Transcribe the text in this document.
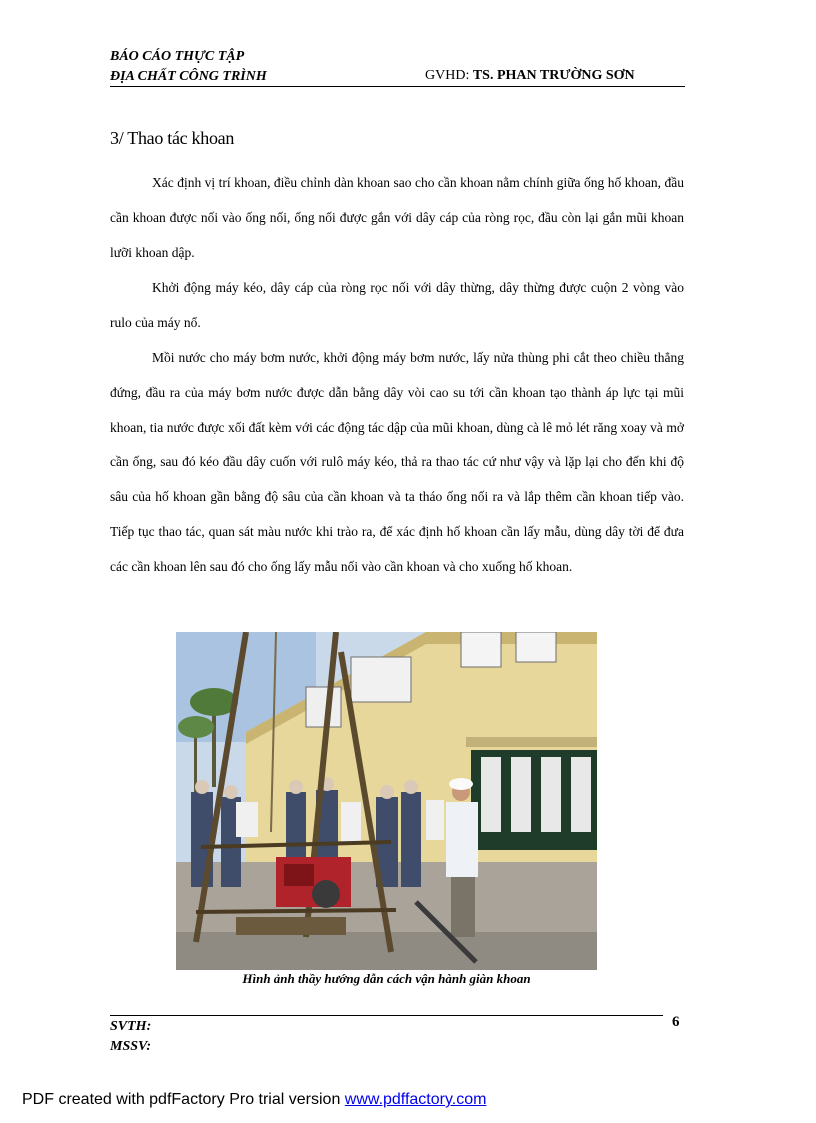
BÁO CÁO THỰC TẬP
ĐỊA CHẤT CÔNG TRÌNH	GVHD: TS. PHAN TRƯỜNG SƠN
3/ Thao tác khoan
Xác định vị trí khoan, điều chỉnh dàn khoan sao cho cần khoan nằm chính giữa ống hố khoan, đầu cần khoan được nối vào ống nối, ống nối được gắn với dây cáp của ròng rọc, đầu còn lại gắn mũi khoan lưỡi khoan dập.
Khởi động máy kéo, dây cáp của ròng rọc nối với dây thừng, dây thừng được cuộn 2 vòng vào rulo của máy nổ.
Mồi nước cho máy bơm nước, khởi động máy bơm nước, lấy nửa thùng phi cắt theo chiều thẳng đứng, đầu ra của máy bơm nước được dẫn bằng dây vòi cao su tới cần khoan tạo thành áp lực tại mũi khoan, tia nước được xối đất kèm với các động tác dập của mũi khoan, dùng cà lê mỏ lét răng xoay và mở cần ống, sau đó kéo đầu dây cuốn với rulô máy kéo, thả ra thao tác cứ như vậy và lặp lại cho đến khi độ sâu của hố khoan gần bằng độ sâu của cần khoan và ta tháo ống nối ra và lắp thêm cần khoan tiếp vào. Tiếp tục thao tác, quan sát màu nước khi trào ra, để xác định hố khoan cần lấy mẫu, dùng dây tời để đưa các cần khoan lên sau đó cho ống lấy mẫu nối vào cần khoan và cho xuống hố khoan.
Hình ảnh thầy hướng dẫn cách vận hành giàn khoan
SVTH:
MSSV:
6
PDF created with pdfFactory Pro trial version www.pdffactory.com
